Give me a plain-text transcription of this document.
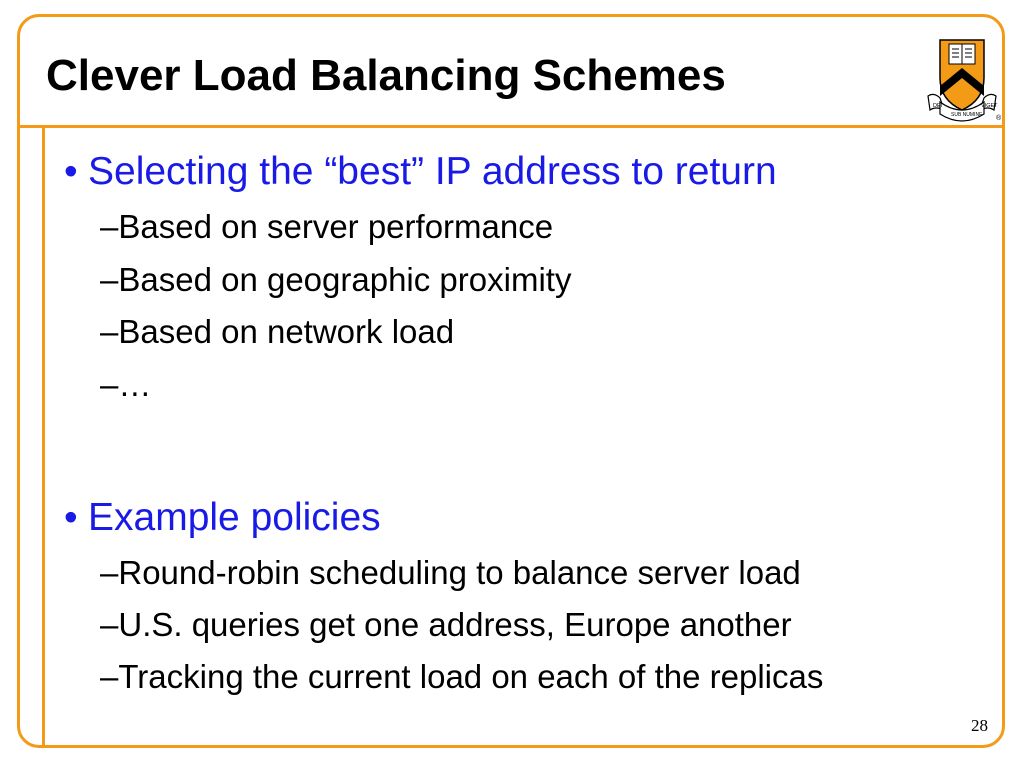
Clever Load Balancing Schemes
DEI
SUB NUMINE
VIGET
®
• Selecting the “best” IP address to return
–Based on server performance
–Based on geographic proximity
–Based on network load
–…
• Example policies
–Round-robin scheduling to balance server load
–U.S. queries get one address, Europe another
–Tracking the current load on each of the replicas
28
